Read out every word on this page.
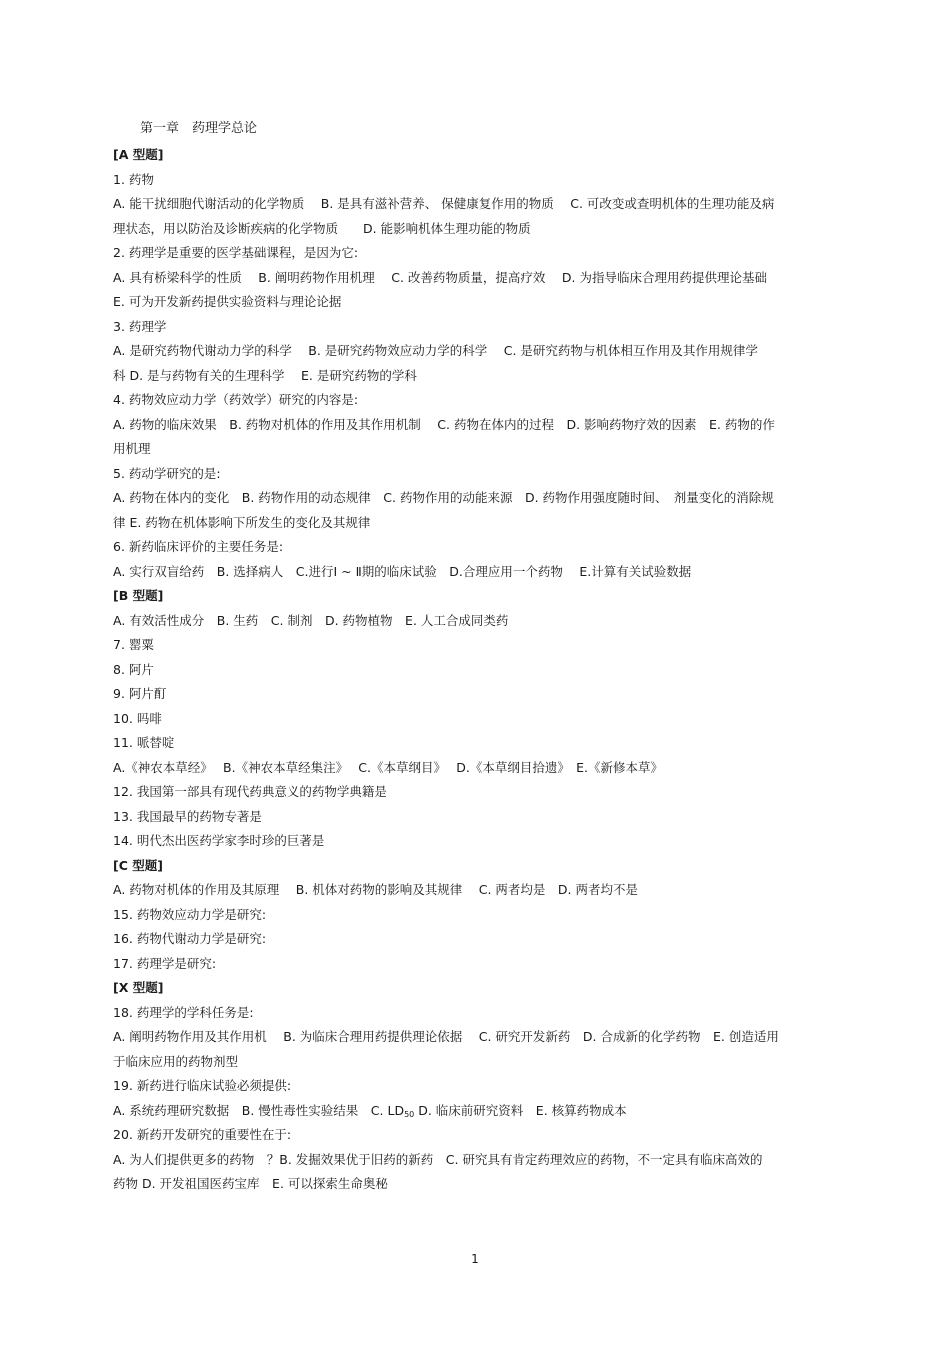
第一章　药理学总论
[A 型题]
1. 药物
A. 能干扰细胞代谢活动的化学物质　 B. 是具有滋补营养、 保健康复作用的物质　 C. 可改变或查明机体的生理功能及病
理状态，用以防治及诊断疾病的化学物质　　D. 能影响机体生理功能的物质
2. 药理学是重要的医学基础课程，是因为它:
A. 具有桥梁科学的性质　 B. 阐明药物作用机理　 C. 改善药物质量，提高疗效　 D. 为指导临床合理用药提供理论基础
E. 可为开发新药提供实验资料与理论论据
3. 药理学
A. 是研究药物代谢动力学的科学　 B. 是研究药物效应动力学的科学　 C. 是研究药物与机体相互作用及其作用规律学
科 D. 是与药物有关的生理科学　 E. 是研究药物的学科
4. 药物效应动力学（药效学）研究的内容是:
A. 药物的临床效果　B. 药物对机体的作用及其作用机制　 C. 药物在体内的过程　D. 影响药物疗效的因素　E. 药物的作
用机理
5. 药动学研究的是:
A. 药物在体内的变化　B. 药物作用的动态规律　C. 药物作用的动能来源　D. 药物作用强度随时间、　剂量变化的消除规
律 E. 药物在机体影响下所发生的变化及其规律
6. 新药临床评价的主要任务是:
A. 实行双盲给药　B. 选择病人　C.进行Ⅰ ~ Ⅱ期的临床试验　D.合理应用一个药物　 E.计算有关试验数据
[B 型题]
A. 有效活性成分　B. 生药　C. 制剂　D. 药物植物　E. 人工合成同类药
7. 罂粟
8. 阿片
9. 阿片酊
10. 吗啡
11. 哌替啶
A.《神农本草经》　 B.《神农本草经集注》　 C.《本草纲目》　 D.《本草纲目拾遗》　E.《新修本草》
12. 我国第一部具有现代药典意义的药物学典籍是
13. 我国最早的药物专著是
14. 明代杰出医药学家李时珍的巨著是
[C 型题]
A. 药物对机体的作用及其原理　 B. 机体对药物的影响及其规律　 C. 两者均是　D. 两者均不是
15. 药物效应动力学是研究:
16. 药物代谢动力学是研究:
17. 药理学是研究:
[X 型题]
18. 药理学的学科任务是:
A. 阐明药物作用及其作用机　 B. 为临床合理用药提供理论依据　 C. 研究开发新药　D. 合成新的化学药物　E. 创造适用
于临床应用的药物剂型
19. 新药进行临床试验必须提供:
A. 系统药理研究数据　B. 慢性毒性实验结果　C. $LD_{50}$ D. 临床前研究资料　E. 核算药物成本
20. 新药开发研究的重要性在于:
A. 为人们提供更多的药物　？B. 发掘效果优于旧药的新药　C. 研究具有肯定药理效应的药物，不一定具有临床高效的
药物 D. 开发祖国医药宝库　E. 可以探索生命奥秘
1
